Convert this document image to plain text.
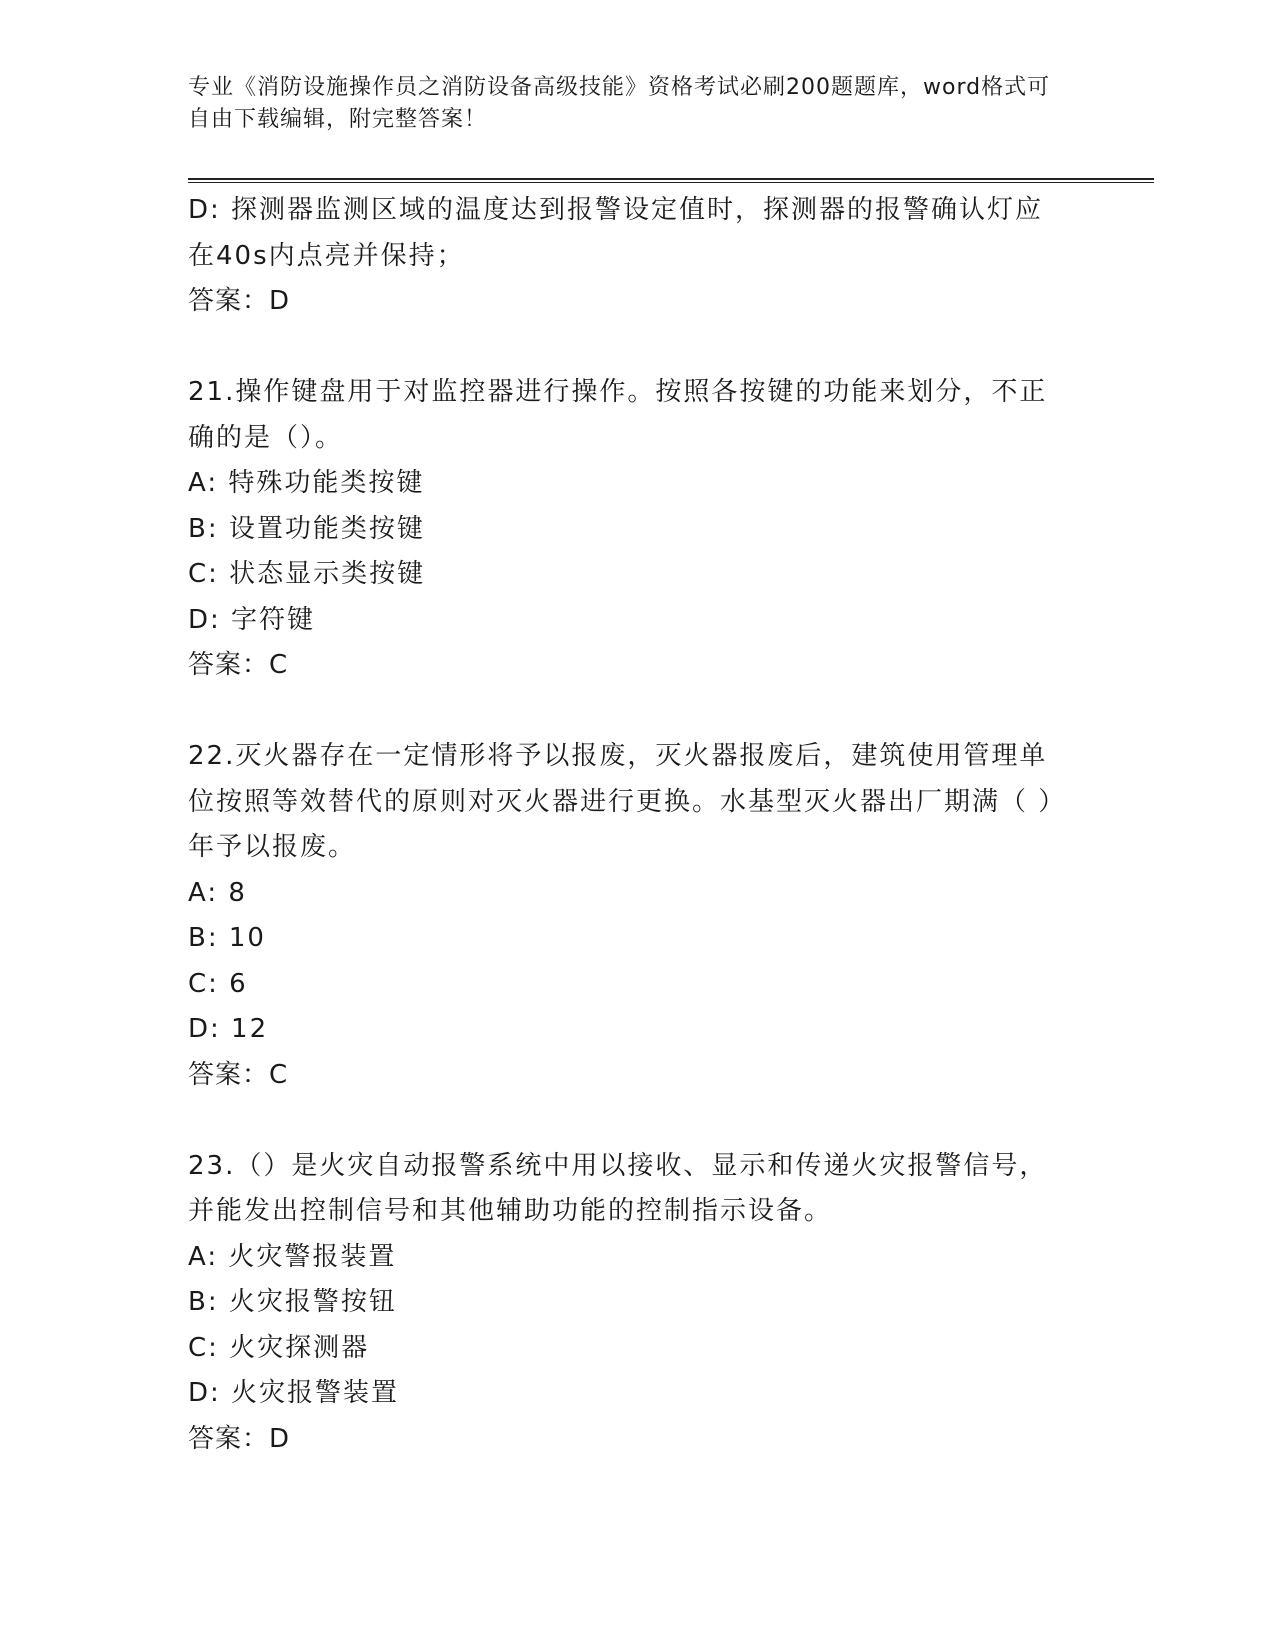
专业《消防设施操作员之消防设备高级技能》资格考试必刷200题题库，word格式可自由下载编辑，附完整答案！

D: 探测器监测区域的温度达到报警设定值时，探测器的报警确认灯应在40s内点亮并保持；

答案：D

21.操作键盘用于对监控器进行操作。按照各按键的功能来划分，不正确的是（）。

A: 特殊功能类按键

B: 设置功能类按键

C: 状态显示类按键

D: 字符键

答案：C

22.灭火器存在一定情形将予以报废，灭火器报废后，建筑使用管理单位按照等效替代的原则对灭火器进行更换。水基型灭火器出厂期满（ ）年予以报废。

A: 8

B: 10

C: 6

D: 12

答案：C

23.（）是火灾自动报警系统中用以接收、显示和传递火灾报警信号，并能发出控制信号和其他辅助功能的控制指示设备。

A: 火灾警报装置

B: 火灾报警按钮

C: 火灾探测器

D: 火灾报警装置

答案：D
